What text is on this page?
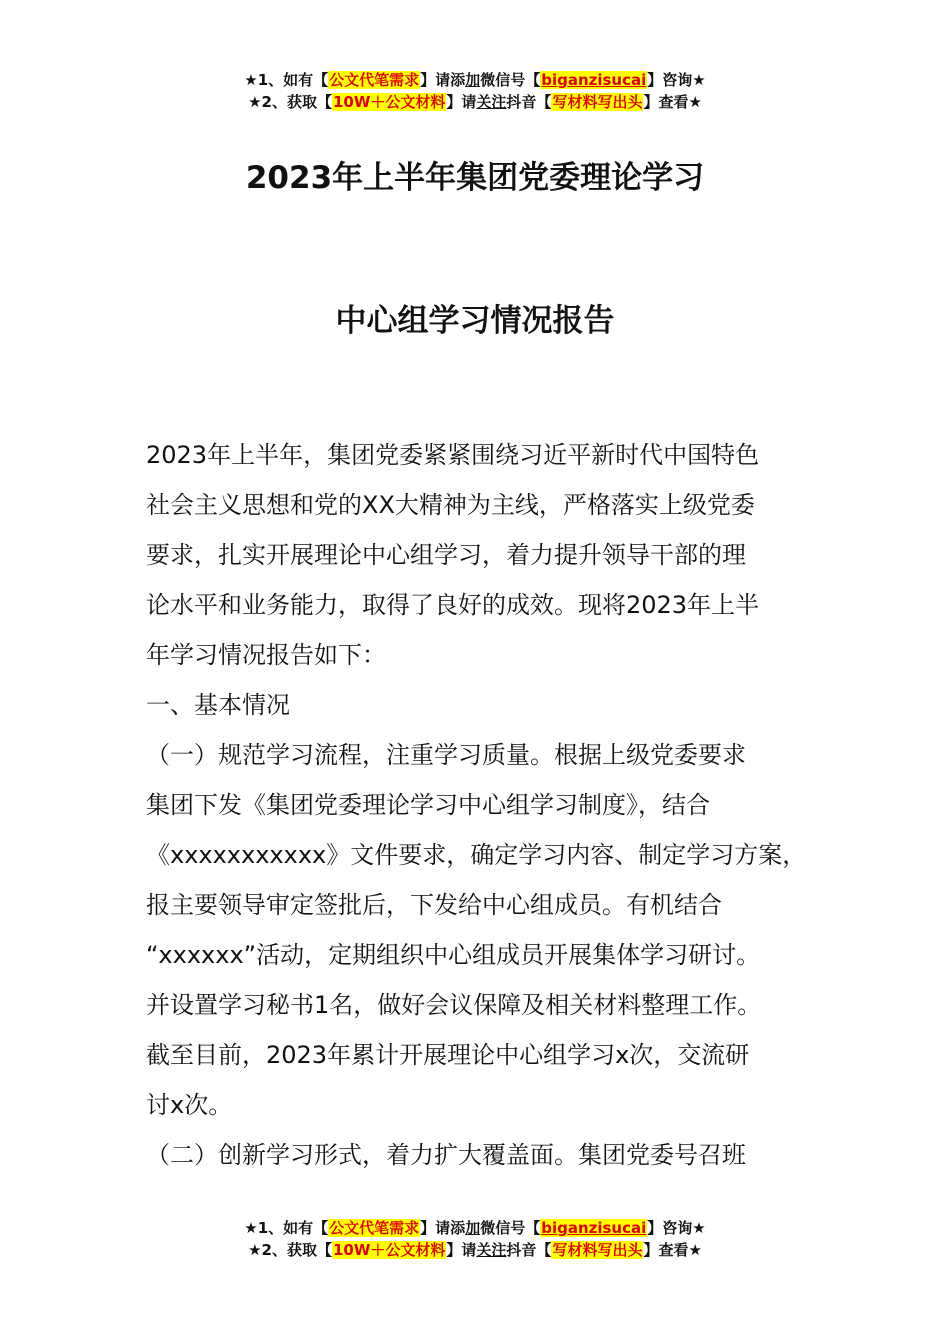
★1、如有【公文代笔需求】请添加微信号【biganzisucai】咨询★
★2、获取【10W＋公文材料】请关注抖音【写材料写出头】查看★
2023年上半年集团党委理论学习
中心组学习情况报告
2023年上半年，集团党委紧紧围绕习近平新时代中国特色
社会主义思想和党的XX大精神为主线，严格落实上级党委
要求，扎实开展理论中心组学习，着力提升领导干部的理
论水平和业务能力，取得了良好的成效。现将2023年上半
年学习情况报告如下：
一、基本情况
（一）规范学习流程，注重学习质量。根据上级党委要求
集团下发《集团党委理论学习中心组学习制度》，结合
《xxxxxxxxxxx》文件要求，确定学习内容、制定学习方案，
报主要领导审定签批后，下发给中心组成员。有机结合
“xxxxxx”活动，定期组织中心组成员开展集体学习研讨。
并设置学习秘书1名，做好会议保障及相关材料整理工作。
截至目前，2023年累计开展理论中心组学习x次，交流研
讨x次。
（二）创新学习形式，着力扩大覆盖面。集团党委号召班
★1、如有【公文代笔需求】请添加微信号【biganzisucai】咨询★
★2、获取【10W＋公文材料】请关注抖音【写材料写出头】查看★
